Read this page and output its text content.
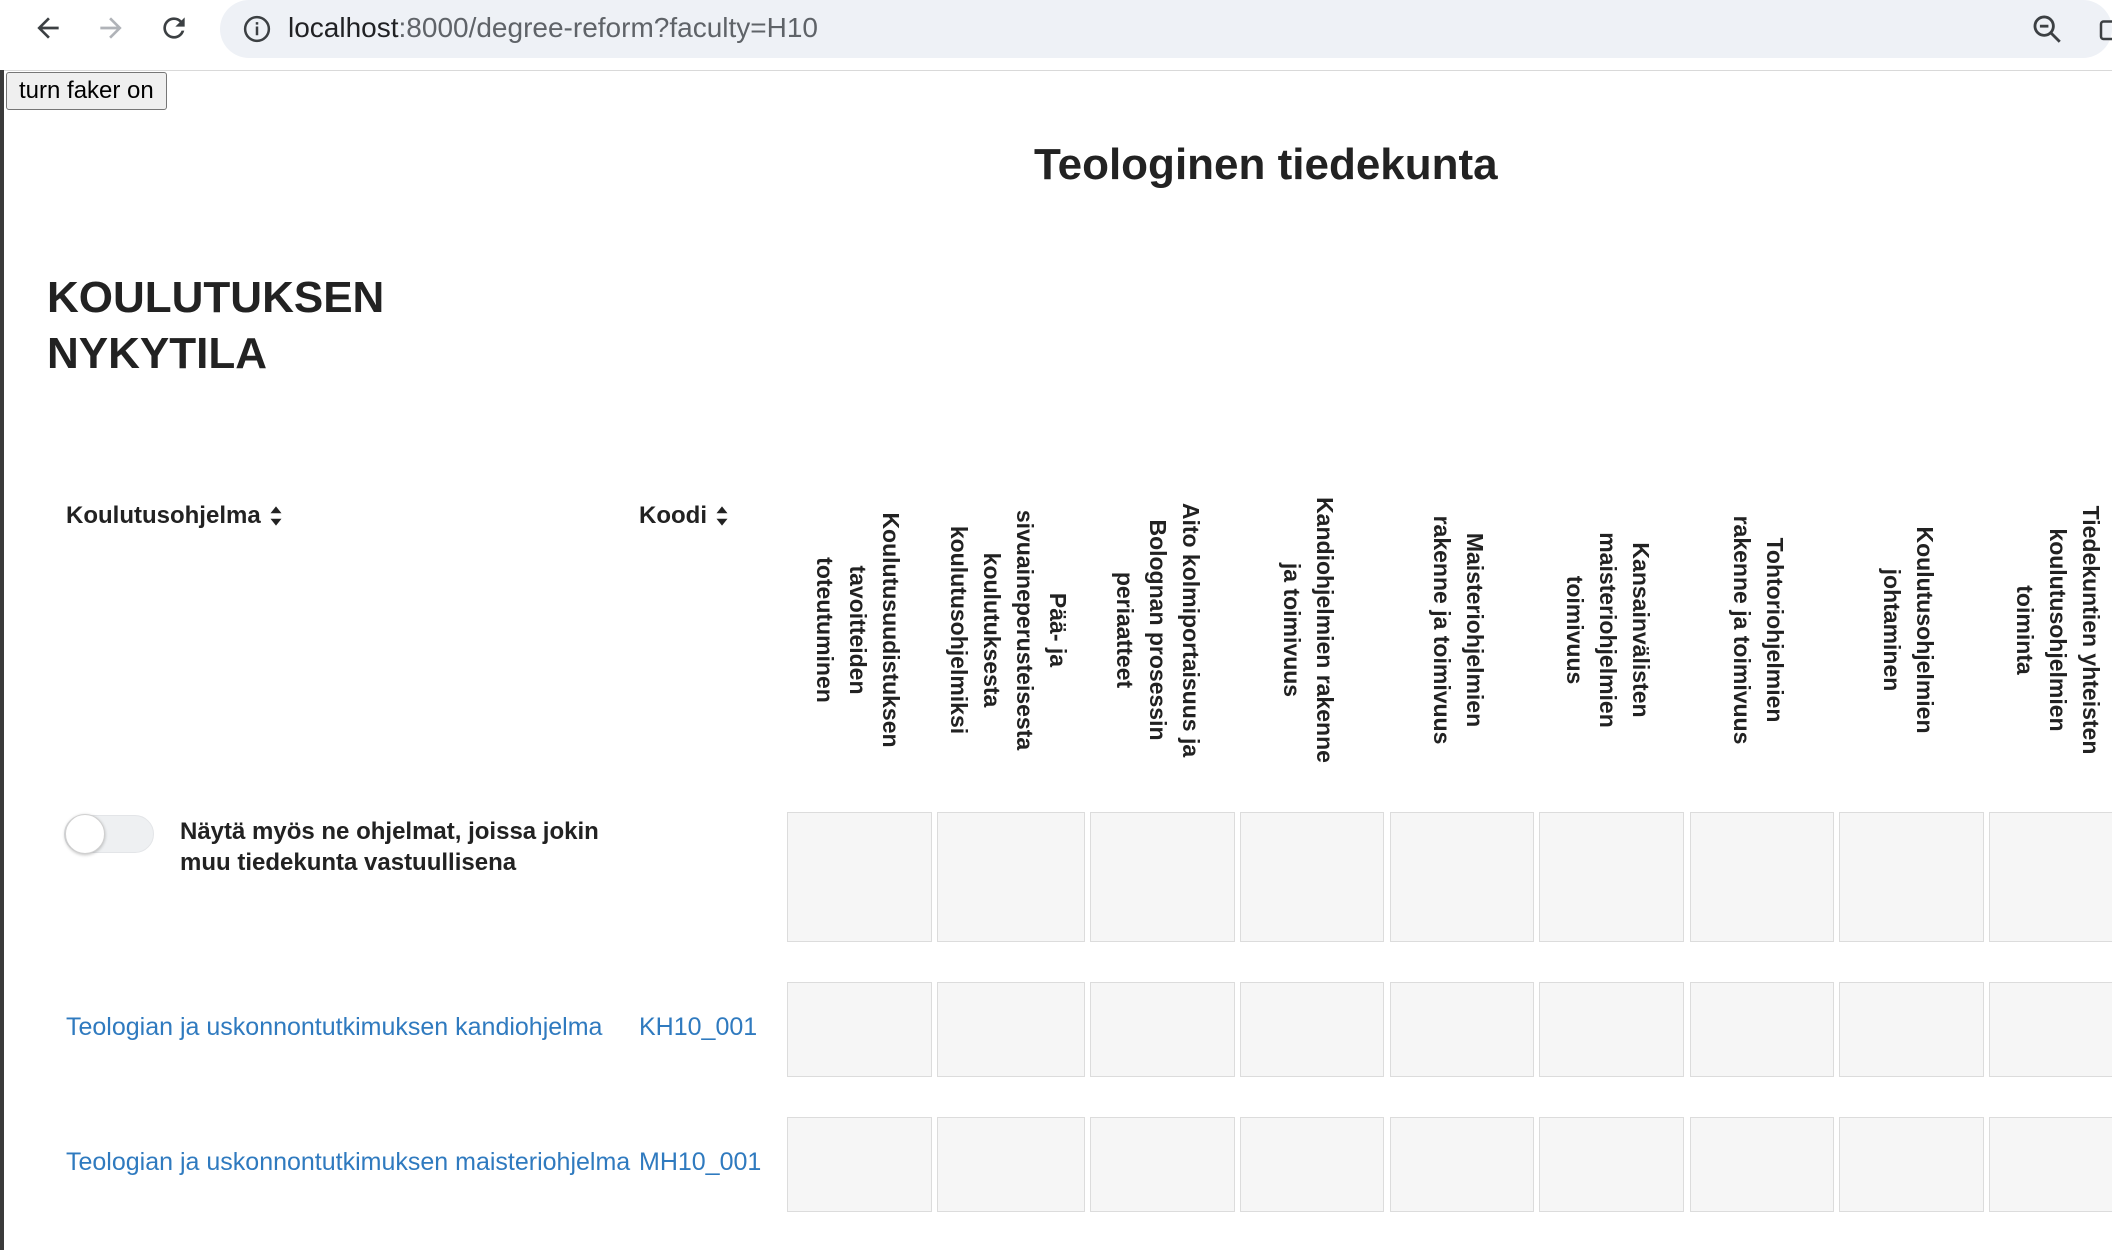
localhost:8000/degree-reform?faculty=H10
turn faker on
Teologinen tiedekunta
KOULUTUKSEN NYKYTILA
Koulutusohjelma	Koodi	Koulutusuudistuksen tavoitteiden toteutuminen	Pää- ja sivuaineperusteisesta koulutuksesta koulutusohjelmiksi	Aito kolmiportaisuus ja Bolognan prosessin periaatteet	Kandiohjelmien rakenne ja toimivuus	Maisteriohjelmien rakenne ja toimivuus	Kansainvälisten maisteriohjelmien toimivuus	Tohtoriohjelmien rakenne ja toimivuus	Koulutusohjelmien johtaminen	Tiedekuntien yhteisten koulutusohjelmien toiminta
Näytä myös ne ohjelmat, joissa jokin muu tiedekunta vastuullisena
Teologian ja uskonnontutkimuksen kandiohjelma KH10_001
Teologian ja uskonnontutkimuksen maisteriohjelma MH10_001
